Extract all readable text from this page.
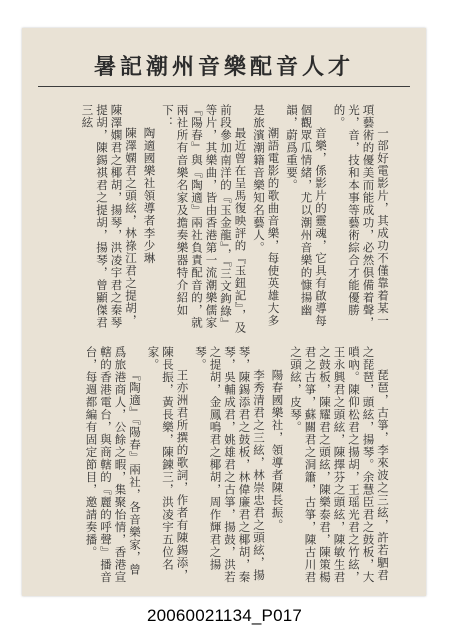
暑記潮州音樂配音人才
一部好電影片，其成功不僅靠着某一項藝術的優美而能成功，必然俱備着聲，光，音，技和本事等藝術綜合才能優勝的。
音樂，係影片的靈魂，它具有啟導每個觀眾瓜情緒，尤以潮州音樂的慷揚幽韻，蔚爲重要。
潮語電影的歌曲音樂，每使英雄大多是旅濱潮籍音樂知名藝人。
最近曾在呈馬復映評的『玉鈕記』，及前段參加南洋的『玉金龍』，『三文鉤綠』等片，其樂曲，皆由香港第一流潮樂儒家『陽春』與『陶適』兩社負責配音的，就兩社所有音樂名家及擔奏樂器特介紹如下：
陶適國樂社領導者李少琳
陳澤嫻君之頭絃，林祿江君之提胡，陳澤嫻君之椰胡，揚琴，洪凌宇君之秦琴提胡，陳錫祺君之提胡，揚琴，曾顯傑君三絃
琵琶，古箏，李來波之三絃，許若駟君之琵琶，頭絃，揚琴。余慧臣君之鼓板，大嗩吶。陳仰松君之揚胡，王瑶光君之竹絃，王永興君之頭絃，陳擇芬之頭絃，陳敏生君之鼓板，陳耀君之頭絃，陳樂泰君，陳策楊君之古箏，蘇關君之洞簫，古箏，陳古川君之頭絃，皮琴。
陽春國樂社，領導者陳長振。
李秀清君之三絃，林崇忠君之頭絃，揚琴，陳錫添君之鼓板，林偉廉君之椰胡，秦琴，吳輔成君，姚雄君之古箏，揚鼓，洪若之提胡，金鳳鳴君之椰胡，周作輝君之揚琴。
王亦洲君所撰的歌詞，作者有陳錫添，陳長振，黃長樂，陳鍊三，洪凌宇五位名家。
『陶適』『陽春』兩社，各音樂家，曾爲旅港商人，公餘之暇，集聚怡情，香港宣轄的香港電台，與商轄的『麗的呼聲』播音台，每週都編有固定節目，邀請奏播。
20060021134_P017
